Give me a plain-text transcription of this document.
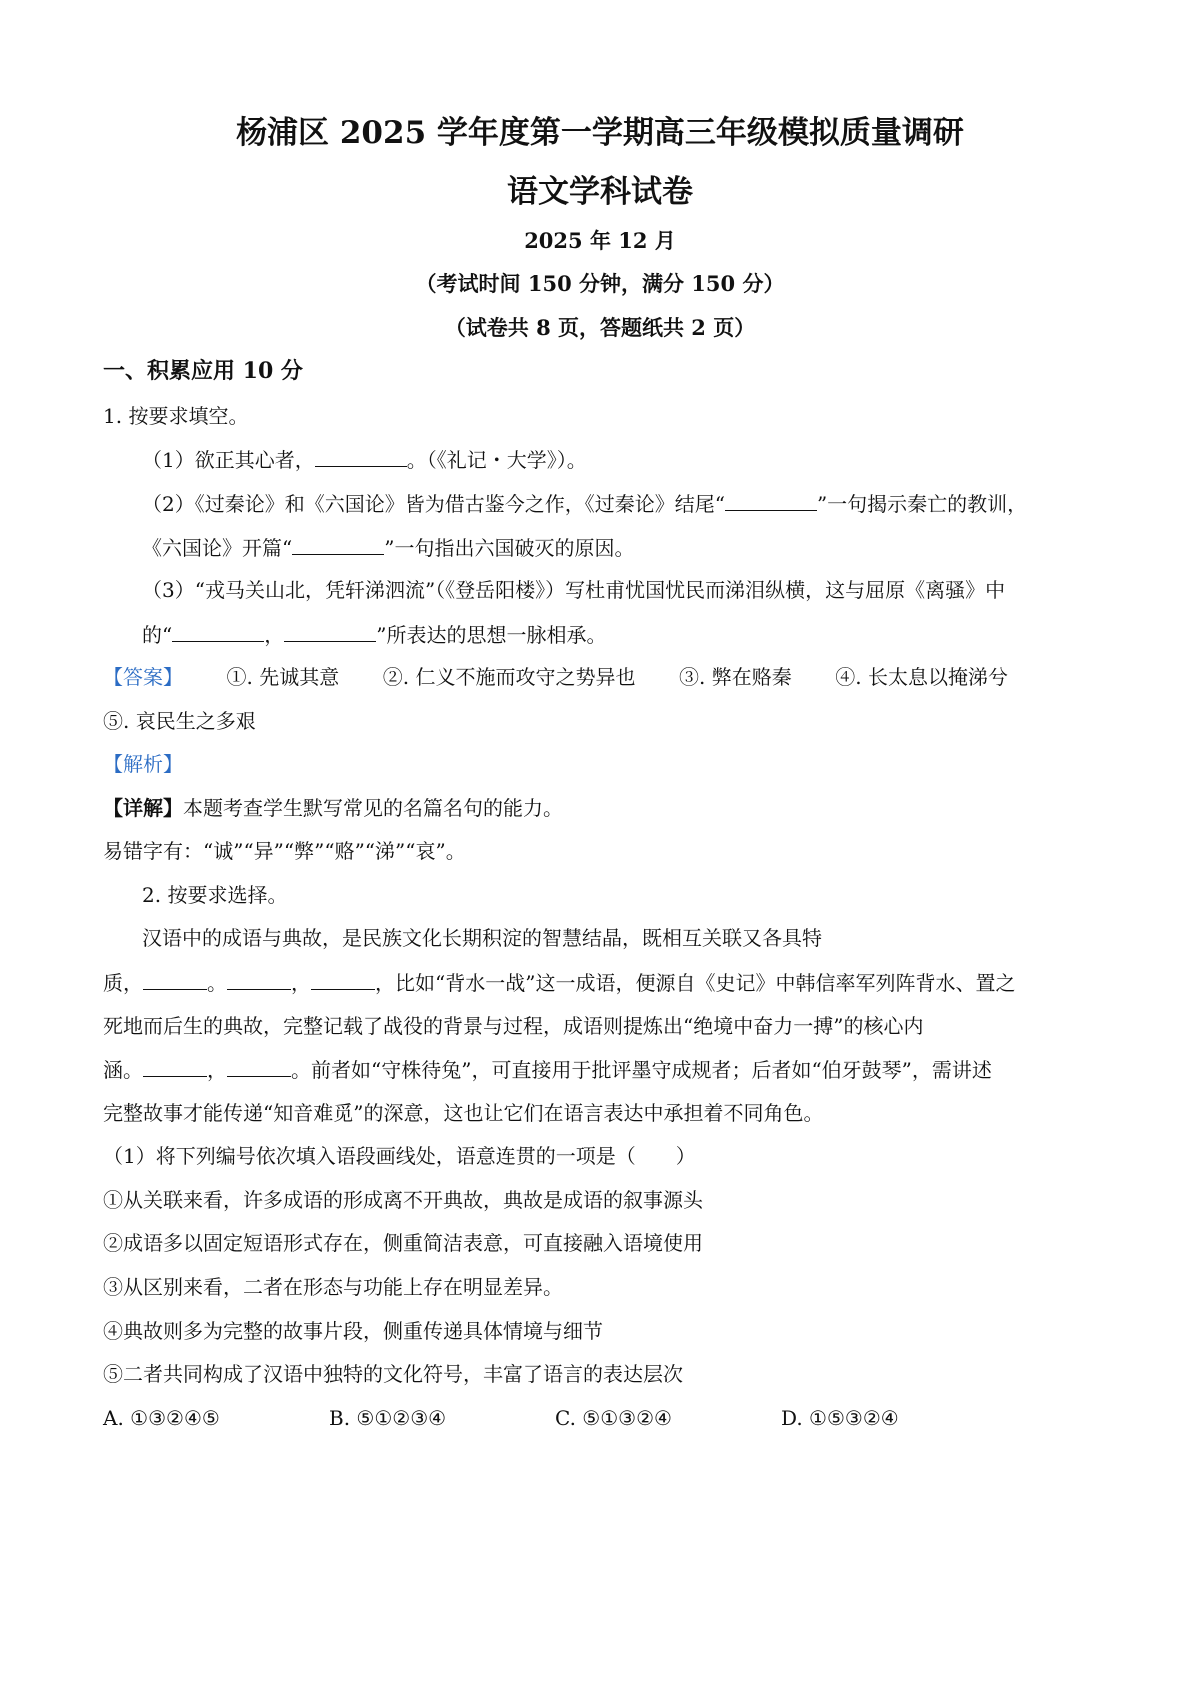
杨浦区 2025 学年度第一学期高三年级模拟质量调研
语文学科试卷
2025 年 12 月
（考试时间 150 分钟，满分 150 分）
（试卷共 8 页，答题纸共 2 页）
一、积累应用 10 分
1. 按要求填空。
（1）欲正其心者，	。（《礼记・大学》）。
（2）《过秦论》和《六国论》皆为借古鉴今之作，《过秦论》结尾“	”一句揭示秦亡的教训，
《六国论》开篇“	”一句指出六国破灭的原因。
（3）“戎马关山北，凭轩涕泗流”（《登岳阳楼》）写杜甫忧国忧民而涕泪纵横，这与屈原《离骚》中
的“	，	”所表达的思想一脉相承。
【答案】 ①. 先诚其意 ②. 仁义不施而攻守之势异也 ③. 弊在赂秦 ④. 长太息以掩涕兮
⑤. 哀民生之多艰
【解析】
【详解】本题考查学生默写常见的名篇名句的能力。
易错字有：“诚”“异”“弊”“赂”“涕”“哀”。
2. 按要求选择。
汉语中的成语与典故，是民族文化长期积淀的智慧结晶，既相互关联又各具特
质，	。	，	，比如“背水一战”这一成语，便源自《史记》中韩信率军列阵背水、置之
死地而后生的典故，完整记载了战役的背景与过程，成语则提炼出“绝境中奋力一搏”的核心内
涵。	，	。前者如“守株待兔”，可直接用于批评墨守成规者；后者如“伯牙鼓琴”，需讲述
完整故事才能传递“知音难觅”的深意，这也让它们在语言表达中承担着不同角色。
（1）将下列编号依次填入语段画线处，语意连贯的一项是（　　）
①从关联来看，许多成语的形成离不开典故，典故是成语的叙事源头
②成语多以固定短语形式存在，侧重简洁表意，可直接融入语境使用
③从区别来看，二者在形态与功能上存在明显差异。
④典故则多为完整的故事片段，侧重传递具体情境与细节
⑤二者共同构成了汉语中独特的文化符号，丰富了语言的表达层次
A. ①③②④⑤	B. ⑤①②③④	C. ⑤①③②④	D. ①⑤③②④
